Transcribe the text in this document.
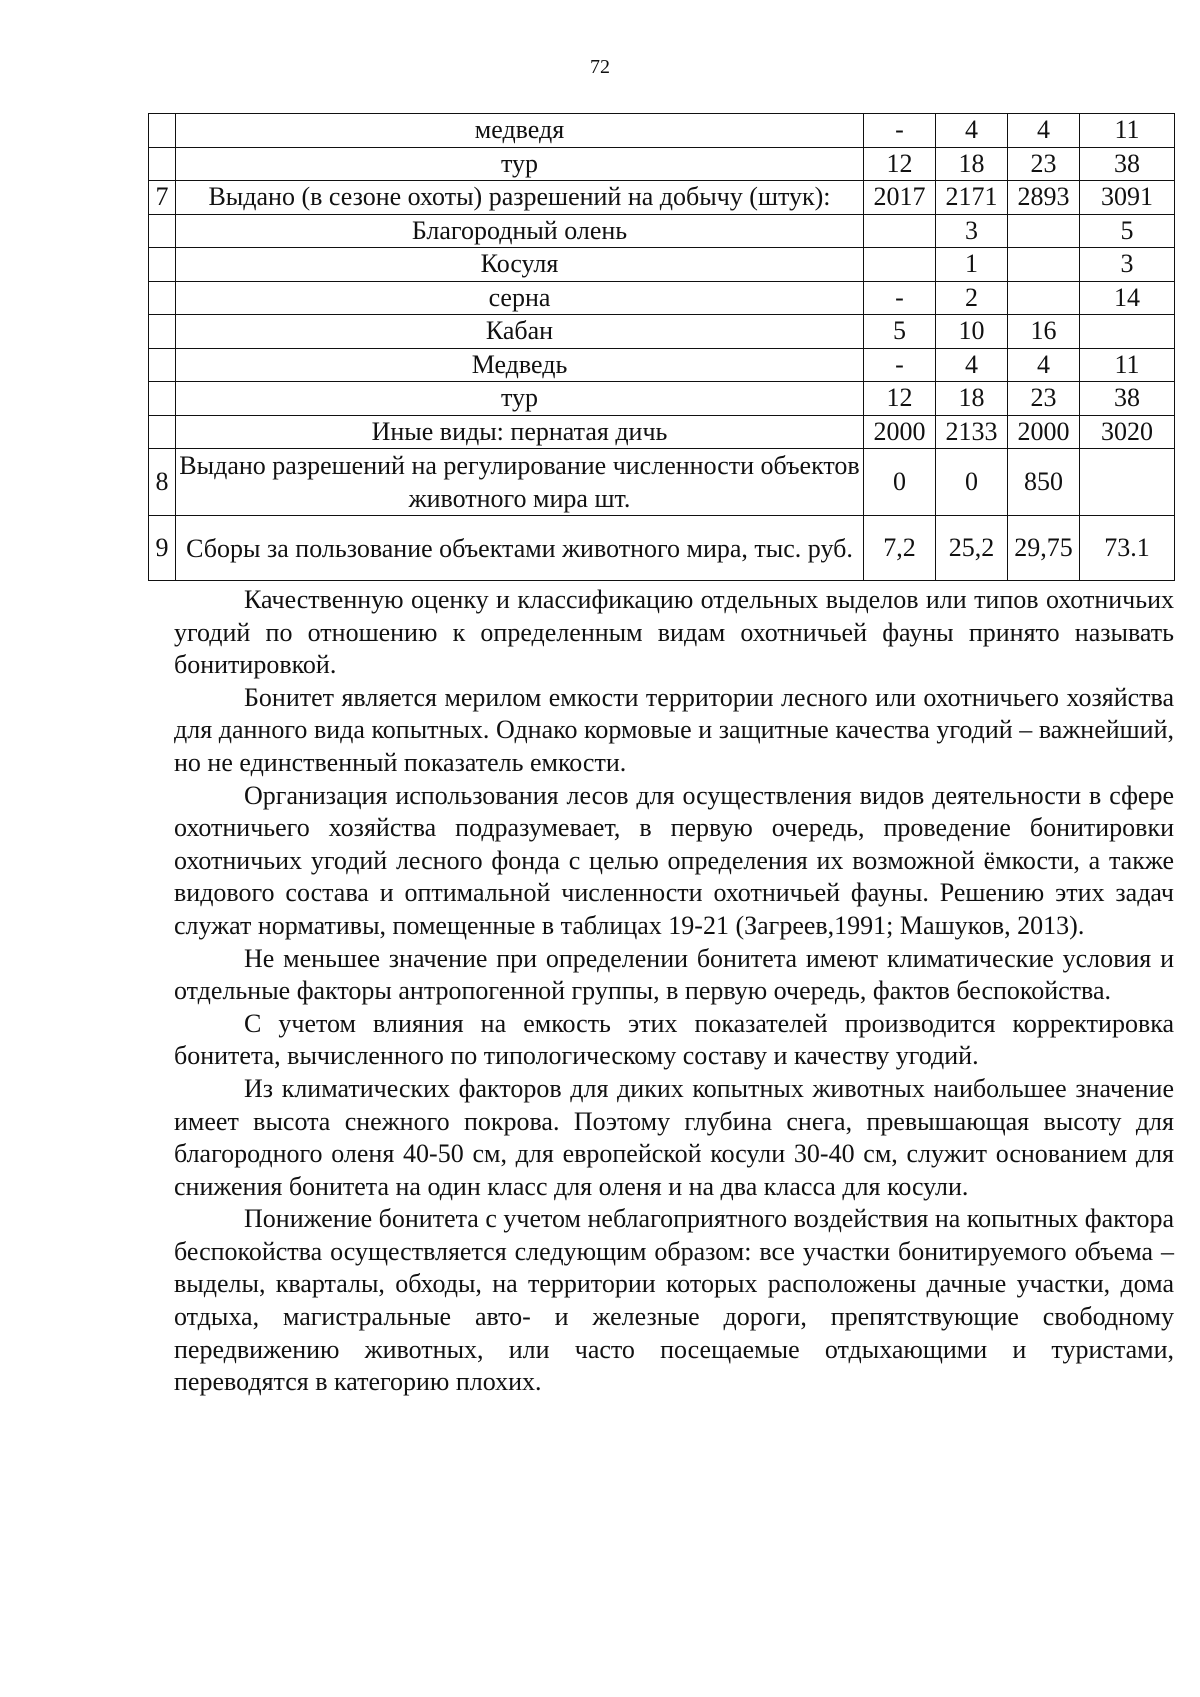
72
	медведя	-	4	4	11
	тур	12	18	23	38
7	Выдано (в сезоне охоты) разрешений на добычу (штук):	2017	2171	2893	3091
	Благородный олень		3		5
	Косуля		1		3
	серна	-	2		14
	Кабан	5	10	16	
	Медведь	-	4	4	11
	тур	12	18	23	38
	Иные виды: пернатая дичь	2000	2133	2000	3020
8	Выдано разрешений на регулирование численности объектов животного мира шт.	0	0	850	
9	Сборы за пользование объектами животного мира, тыс. руб.	7,2	25,2	29,75	73.1

Качественную оценку и классификацию отдельных выделов или типов охотничьих угодий по отношению к определенным видам охотничьей фауны принято называть бонитировкой.

Бонитет является мерилом емкости территории лесного или охотничьего хозяйства для данного вида копытных. Однако кормовые и защитные качества угодий – важнейший, но не единственный показатель емкости.

Организация использования лесов для осуществления видов деятельности в сфере охотничьего хозяйства подразумевает, в первую очередь, проведение бонитировки охотничьих угодий лесного фонда с целью определения их возможной ёмкости, а также видового состава и оптимальной численности охотничьей фауны. Решению этих задач служат нормативы, помещенные в таблицах 19-21 (Загреев,1991; Машуков, 2013).

Не меньшее значение при определении бонитета имеют климатические условия и отдельные факторы антропогенной группы, в первую очередь, фактов беспокойства.

С учетом влияния на емкость этих показателей производится корректировка бонитета, вычисленного по типологическому составу и качеству угодий.

Из климатических факторов для диких копытных животных наибольшее значение имеет высота снежного покрова. Поэтому глубина снега, превышающая высоту для благородного оленя 40-50 см, для европейской косули 30-40 см, служит основанием для снижения бонитета на один класс для оленя и на два класса для косули.

Понижение бонитета с учетом неблагоприятного воздействия на копытных фактора беспокойства осуществляется следующим образом: все участки бонитируемого объема – выделы, кварталы, обходы, на территории которых расположены дачные участки, дома отдыха, магистральные авто- и железные дороги, препятствующие свободному передвижению животных, или часто посещаемые отдыхающими и туристами, переводятся в категорию плохих.
